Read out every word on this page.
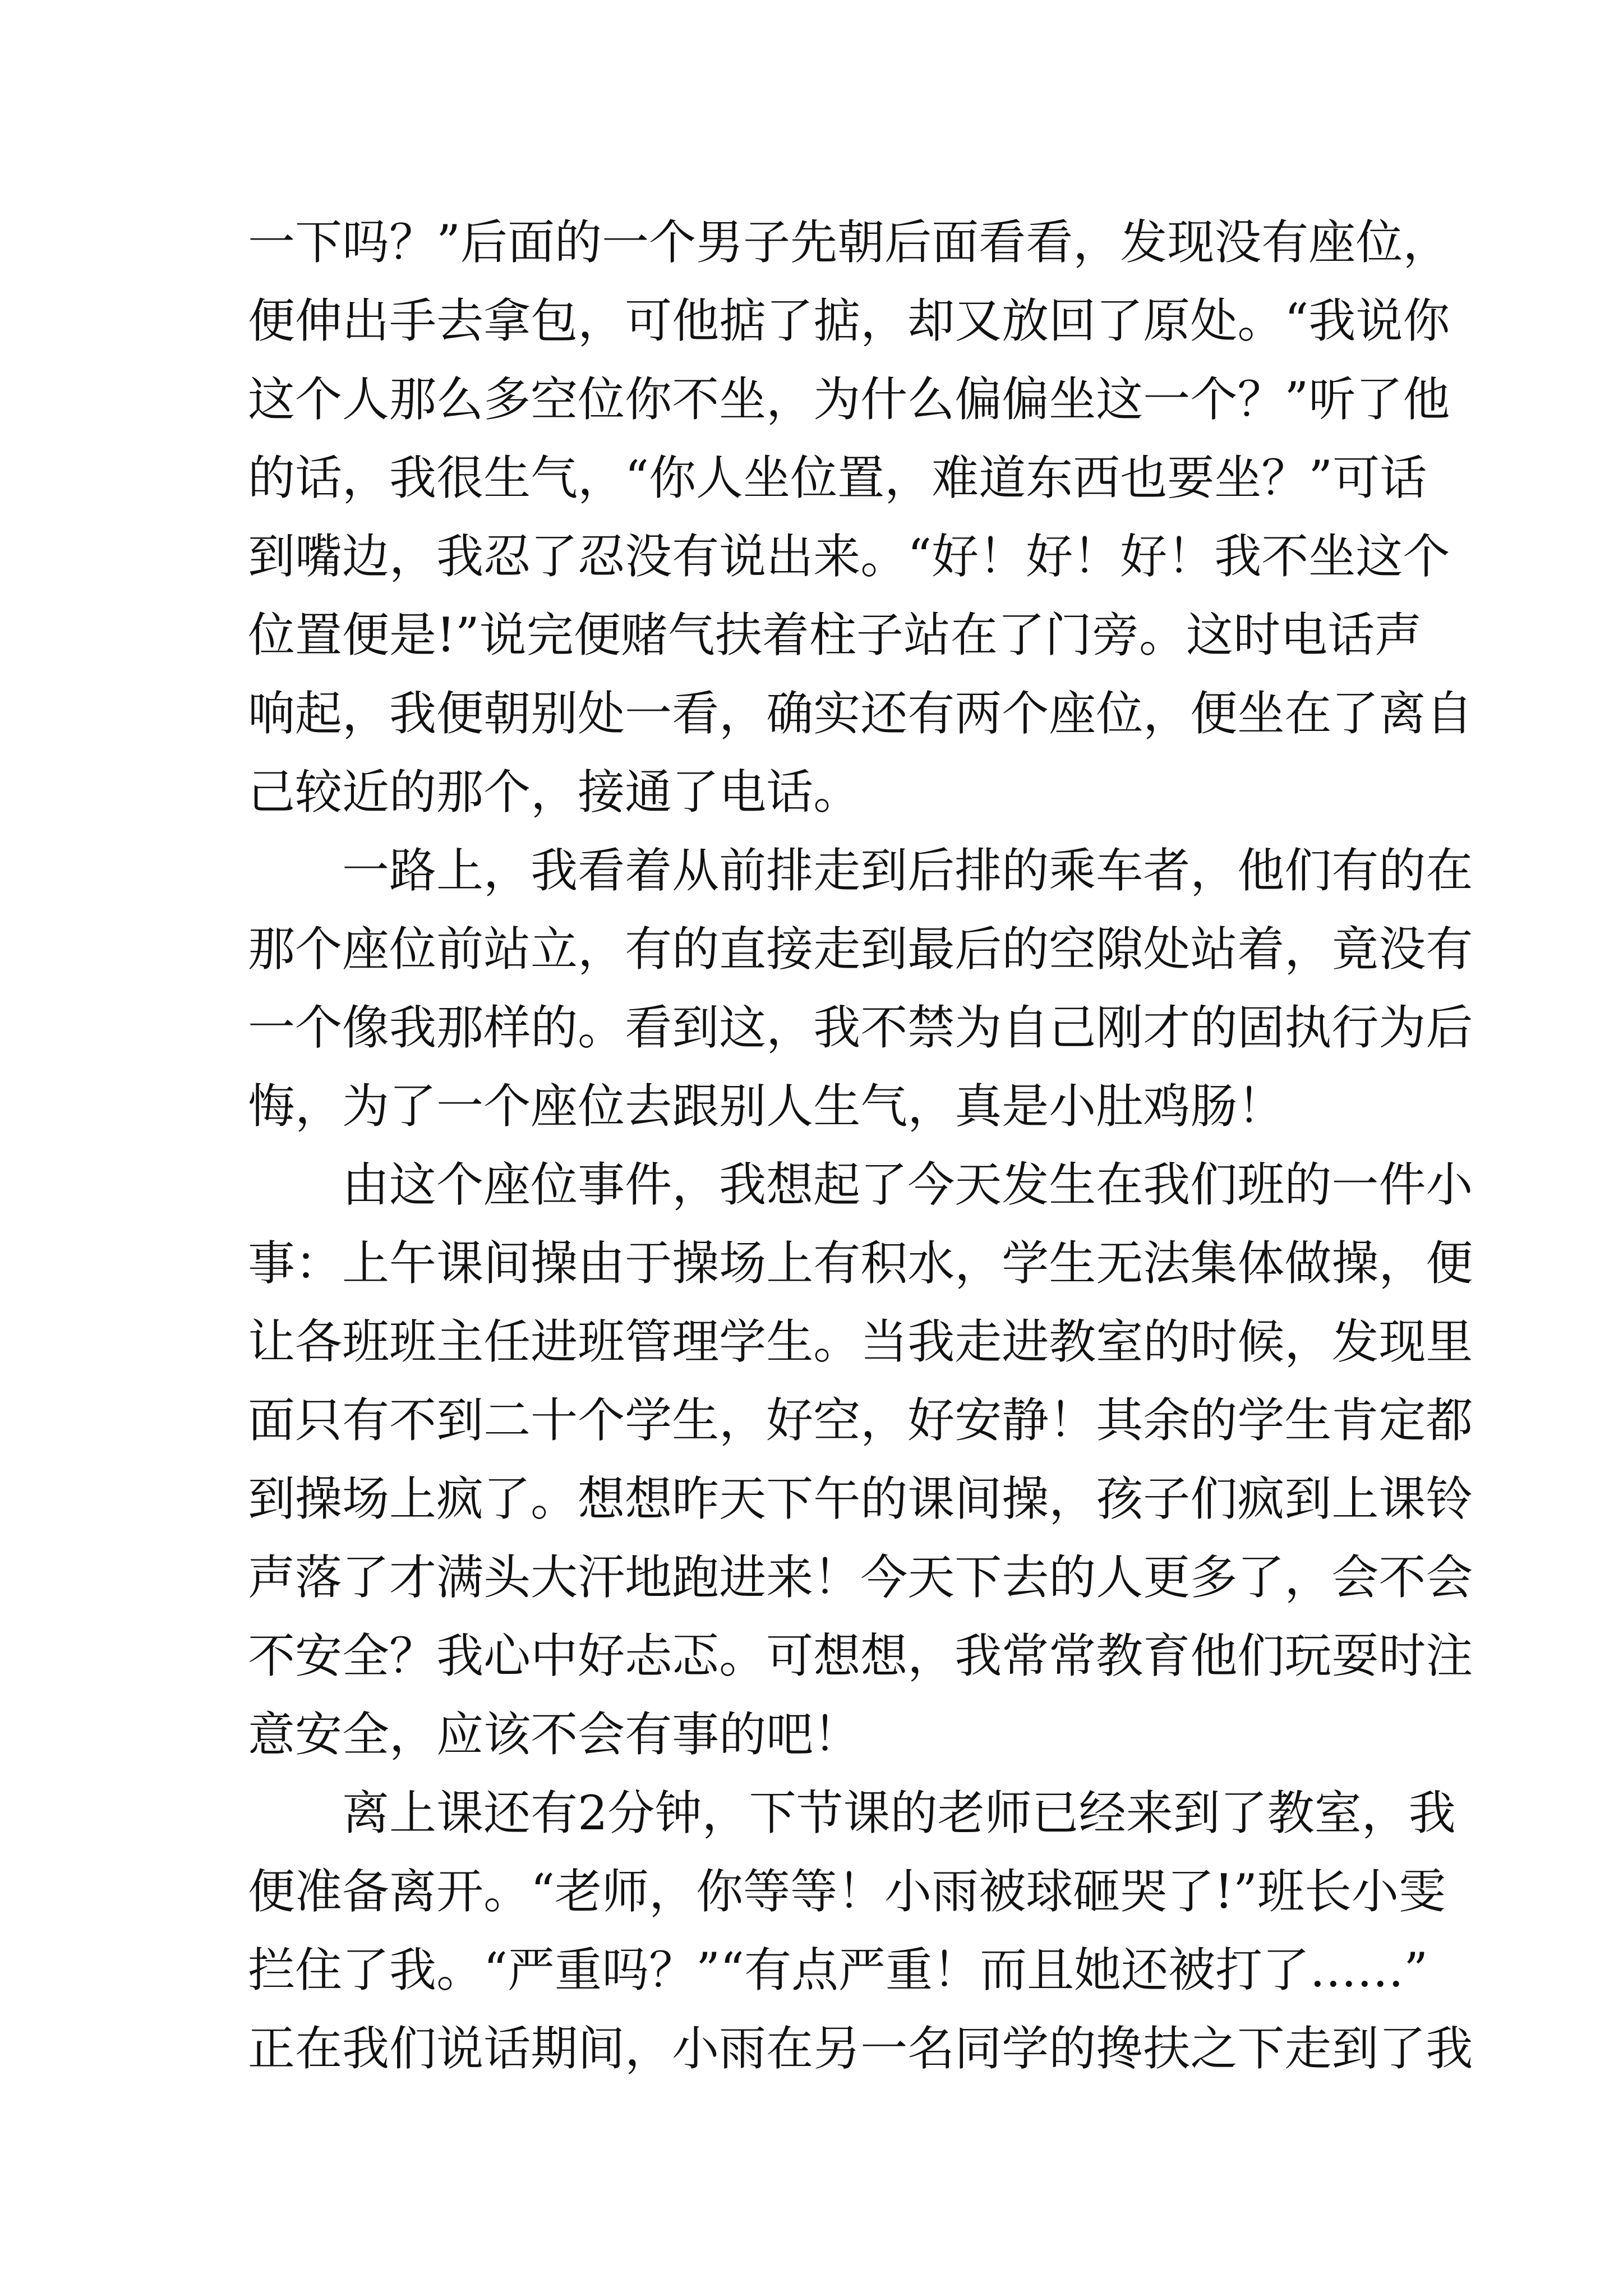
一 下 吗 ？ ” 后 面 的 一 个 男 子 先 朝 后 面 看 看 ， 发 现 没 有 座 位 ，
便 伸 出 手 去 拿 包 ， 可 他 掂 了 掂 ， 却 又 放 回 了 原 处 。 “ 我 说 你
这 个 人 那 么 多 空 位 你 不 坐 ， 为 什 么 偏 偏 坐 这 一 个 ？ ” 听 了 他
的 话 ， 我 很 生 气 ， “ 你 人 坐 位 置 ， 难 道 东 西 也 要 坐 ？ ” 可 话
到 嘴 边 ， 我 忍 了 忍 没 有 说 出 来 。 “ 好 ！ 好 ！ 好 ！ 我 不 坐 这 个
位 置 便 是 ! ” 说 完 便 赌 气 扶 着 柱 子 站 在 了 门 旁 。 这 时 电 话 声
响 起 ， 我 便 朝 别 处 一 看 ， 确 实 还 有 两 个 座 位 ， 便 坐 在 了 离 自
己 较 近 的 那 个 ， 接 通 了 电 话 。
一 路 上 ， 我 看 着 从 前 排 走 到 后 排 的 乘 车 者 ， 他 们 有 的 在
那 个 座 位 前 站 立 ， 有 的 直 接 走 到 最 后 的 空 隙 处 站 着 ， 竟 没 有
一 个 像 我 那 样 的 。 看 到 这 ， 我 不 禁 为 自 己 刚 才 的 固 执 行 为 后
悔 ， 为 了 一 个 座 位 去 跟 别 人 生 气 ， 真 是 小 肚 鸡 肠 ！
由 这 个 座 位 事 件 ， 我 想 起 了 今 天 发 生 在 我 们 班 的 一 件 小
事 ： 上 午 课 间 操 由 于 操 场 上 有 积 水 ， 学 生 无 法 集 体 做 操 ， 便
让 各 班 班 主 任 进 班 管 理 学 生 。 当 我 走 进 教 室 的 时 候 ， 发 现 里
面 只 有 不 到 二 十 个 学 生 ， 好 空 ， 好 安 静 ！ 其 余 的 学 生 肯 定 都
到 操 场 上 疯 了 。 想 想 昨 天 下 午 的 课 间 操 ， 孩 子 们 疯 到 上 课 铃
声 落 了 才 满 头 大 汗 地 跑 进 来 ！ 今 天 下 去 的 人 更 多 了 ， 会 不 会
不 安 全 ？ 我 心 中 好 忐 忑 。 可 想 想 ， 我 常 常 教 育 他 们 玩 耍 时 注
意 安 全 ， 应 该 不 会 有 事 的 吧 ！
离 上 课 还 有 2 分 钟 ， 下 节 课 的 老 师 已 经 来 到 了 教 室 ， 我
便 准 备 离 开 。 “ 老 师 ， 你 等 等 ！ 小 雨 被 球 砸 哭 了 ! ” 班 长 小 雯
拦 住 了 我 。 “ 严 重 吗 ？ ” “ 有 点 严 重 ！ 而 且 她 还 被 打 了 … … ”
正 在 我 们 说 话 期 间 ， 小 雨 在 另 一 名 同 学 的 搀 扶 之 下 走 到 了 我
